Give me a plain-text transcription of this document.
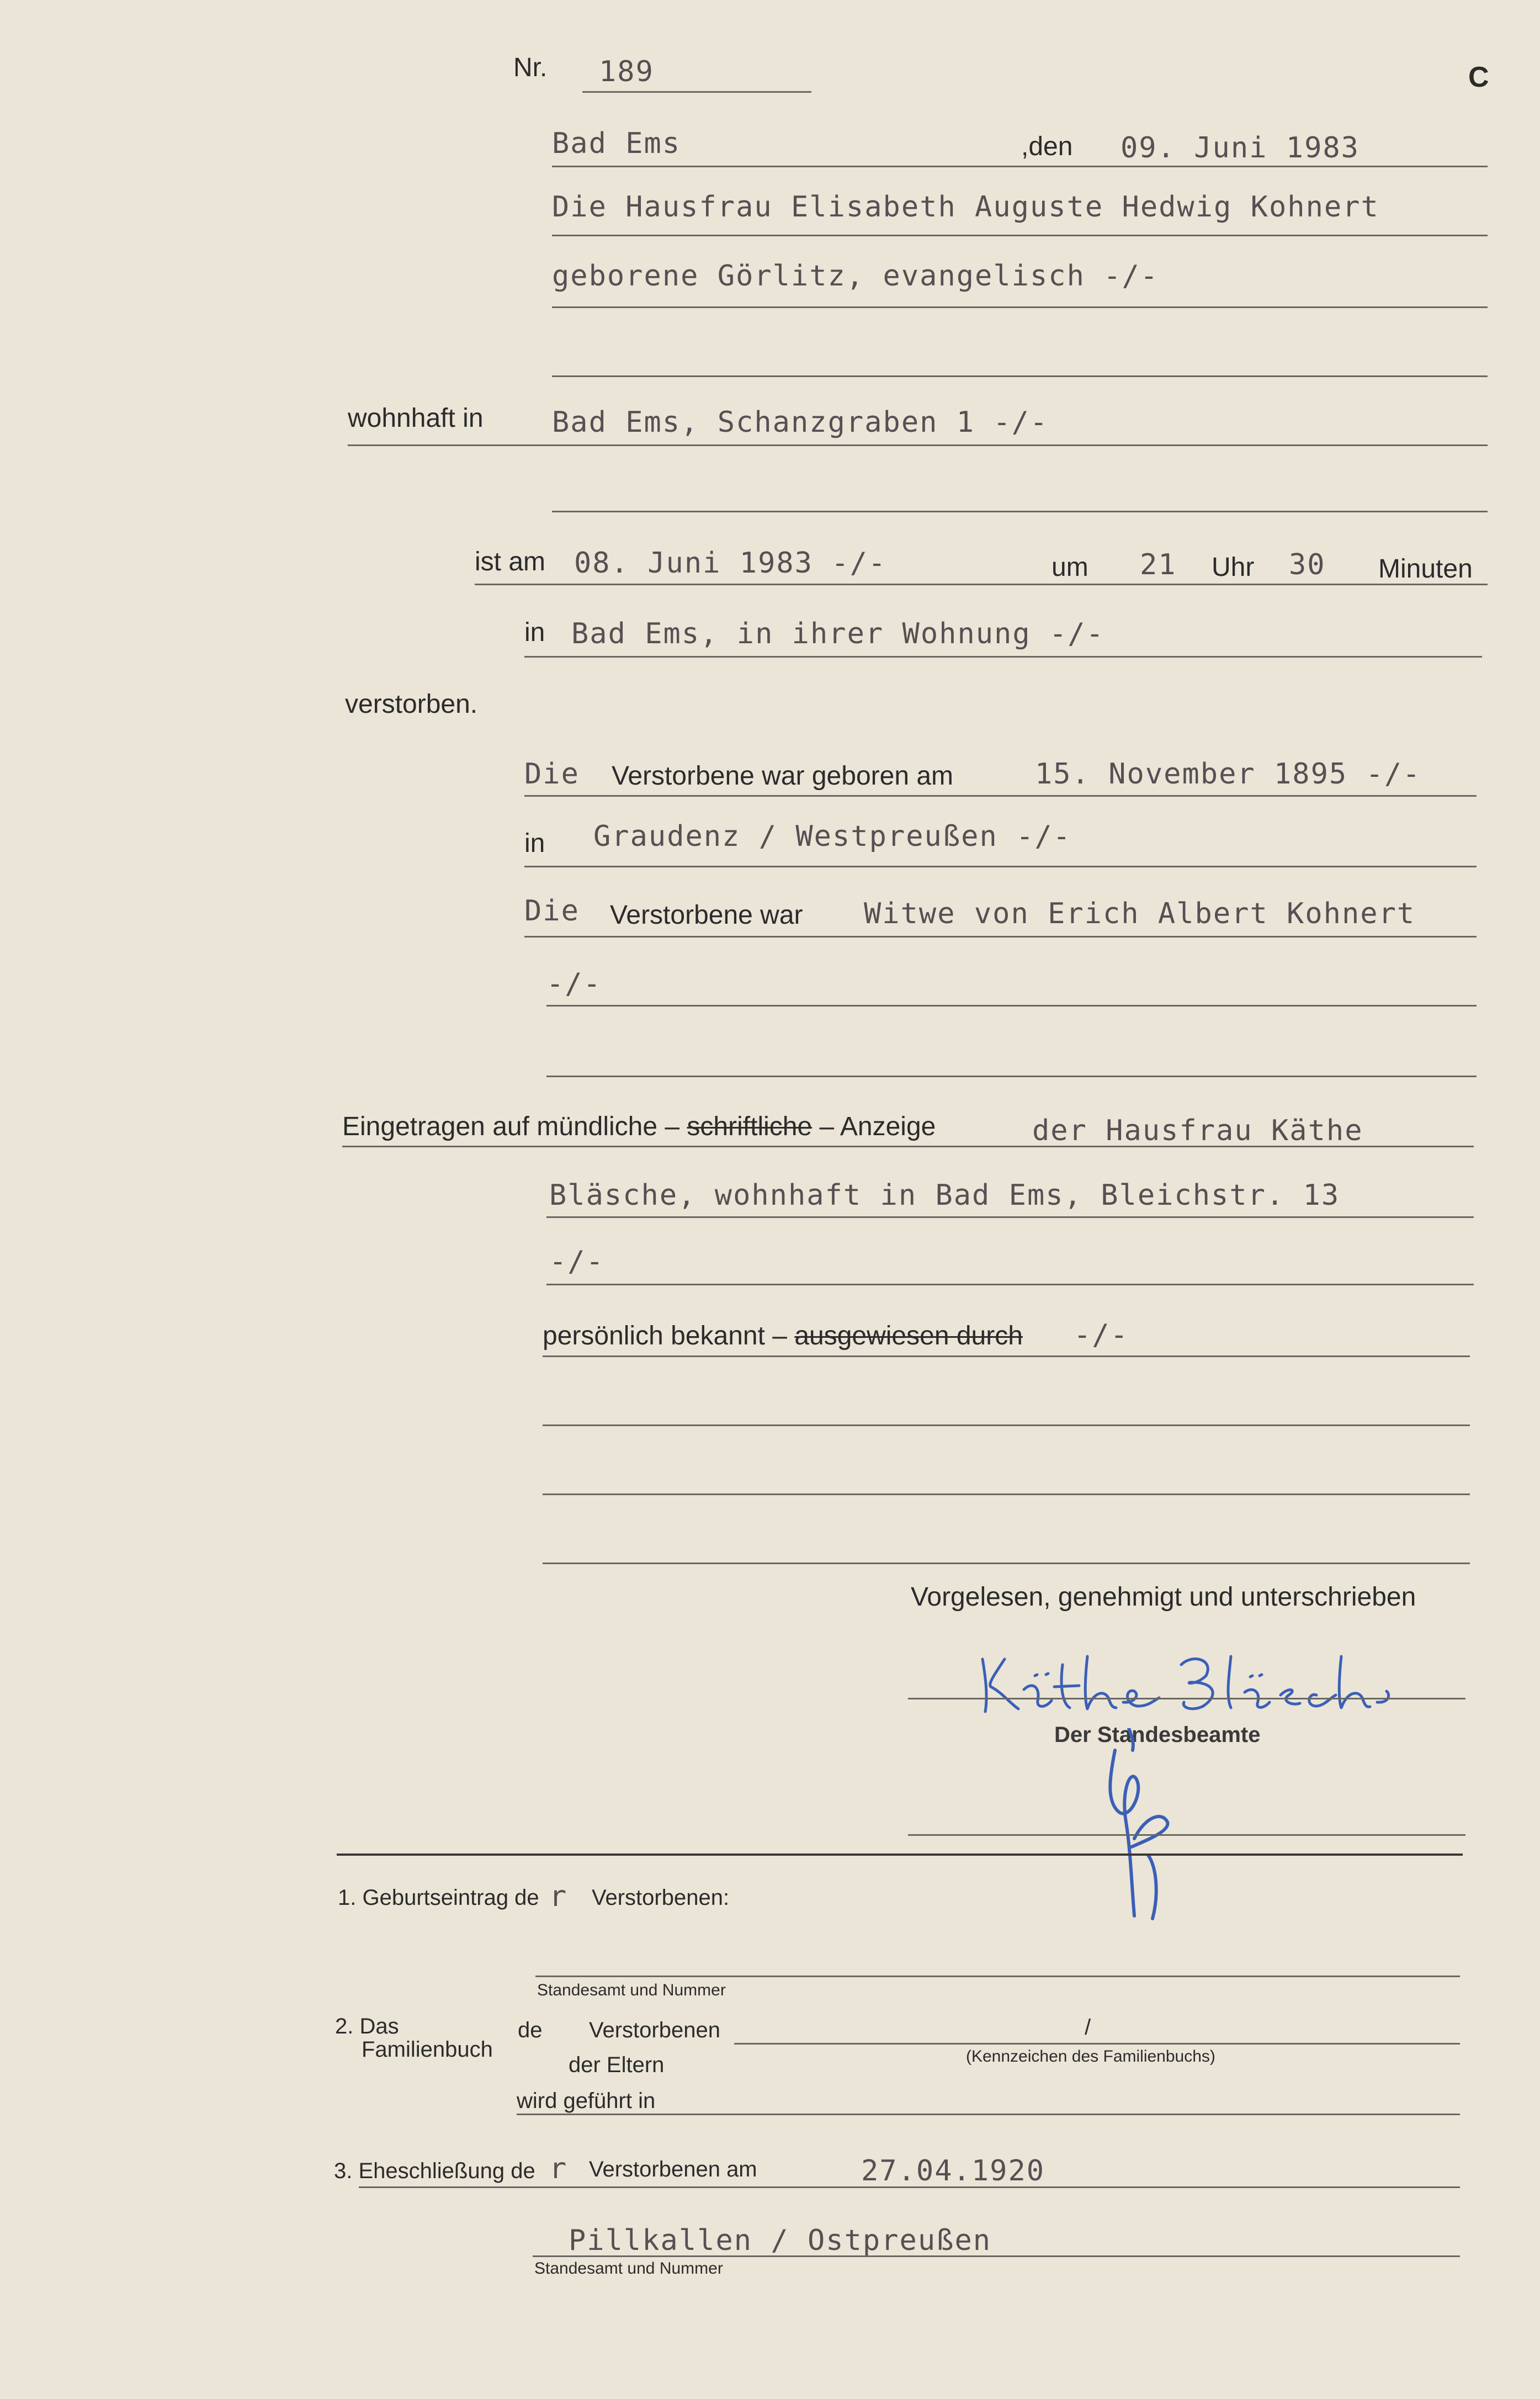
Nr. 189	C
Bad Ems	,den 09. Juni 1983
Die Hausfrau Elisabeth Auguste Hedwig Kohnert
geborene Görlitz, evangelisch -/-
wohnhaft in Bad Ems, Schanzgraben 1 -/-
ist am 08. Juni 1983 -/-	um 21 Uhr 30 Minuten
in Bad Ems, in ihrer Wohnung -/-
verstorben.
Die Verstorbene war geboren am	15. November 1895 -/-
in Graudenz / Westpreußen -/-
Die Verstorbene war Witwe von Erich Albert Kohnert
-/-
Eingetragen auf mündliche – schriftliche – Anzeige	der Hausfrau Käthe
Bläsche, wohnhaft in Bad Ems, Bleichstr. 13
-/-
persönlich bekannt – ausgewiesen durch -/-
Vorgelesen, genehmigt und unterschrieben
Der Standesbeamte
1. Geburtseintrag de r Verstorbenen:
Standesamt und Nummer
2. Das
Familienbuch
de Verstorbenen
der Eltern
/
(Kennzeichen des Familienbuchs)
wird geführt in
3. Eheschließung de r Verstorbenen am	27.04.1920
Pillkallen / Ostpreußen
Standesamt und Nummer
